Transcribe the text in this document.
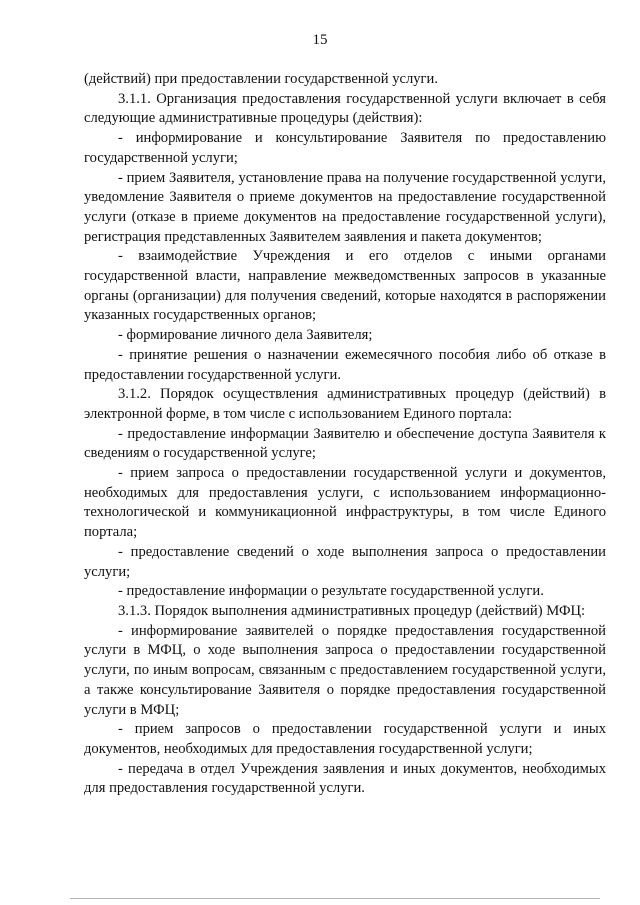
15

(действий) при предоставлении государственной услуги.

3.1.1. Организация предоставления государственной услуги включает в себя следующие административные процедуры (действия):

- информирование и консультирование Заявителя по предоставлению государственной услуги;

- прием Заявителя, установление права на получение государственной услуги, уведомление Заявителя о приеме документов на предоставление государственной услуги (отказе в приеме документов на предоставление государственной услуги), регистрация представленных Заявителем заявления и пакета документов;

- взаимодействие Учреждения и его отделов с иными органами государственной власти, направление межведомственных запросов в указанные органы (организации) для получения сведений, которые находятся в распоряжении указанных государственных органов;

- формирование личного дела Заявителя;

- принятие решения о назначении ежемесячного пособия либо об отказе в предоставлении государственной услуги.

3.1.2. Порядок осуществления административных процедур (действий) в электронной форме, в том числе с использованием Единого портала:

- предоставление информации Заявителю и обеспечение доступа Заявителя к сведениям о государственной услуге;

- прием запроса о предоставлении государственной услуги и документов, необходимых для предоставления услуги, с использованием информационно-технологической и коммуникационной инфраструктуры, в том числе Единого портала;

- предоставление сведений о ходе выполнения запроса о предоставлении услуги;

- предоставление информации о результате государственной услуги.

3.1.3. Порядок выполнения административных процедур (действий) МФЦ:

- информирование заявителей о порядке предоставления государственной услуги в МФЦ, о ходе выполнения запроса о предоставлении государственной услуги, по иным вопросам, связанным с предоставлением государственной услуги, а также консультирование Заявителя о порядке предоставления государственной услуги в МФЦ;

- прием запросов о предоставлении государственной услуги и иных документов, необходимых для предоставления государственной услуги;

- передача в отдел Учреждения заявления и иных документов, необходимых для предоставления государственной услуги.
